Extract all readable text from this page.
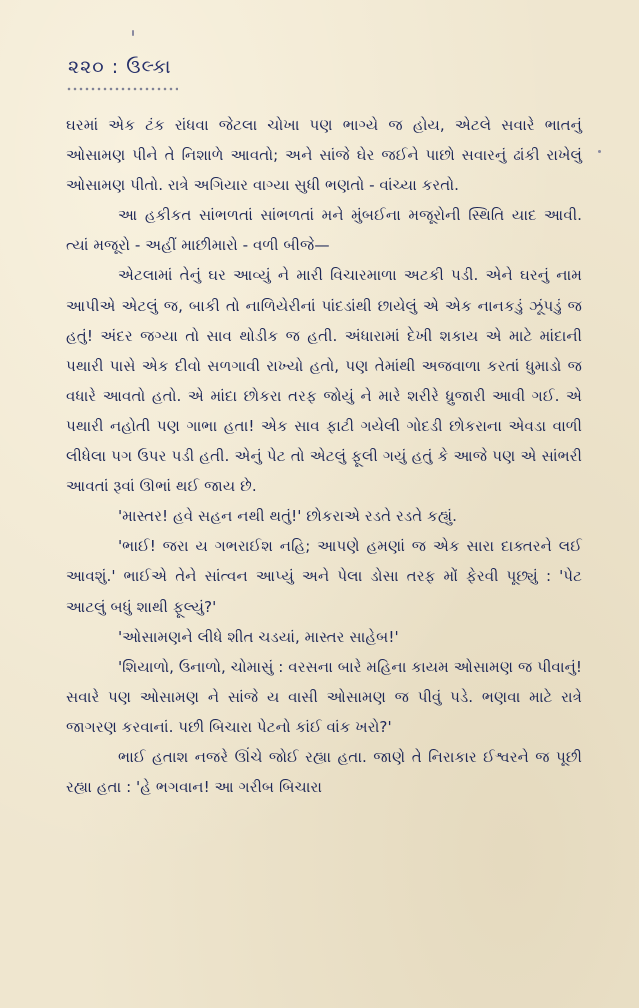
૨૨૦ : ઉલ્કા

ઘરમાં એક ટંક રાંધવા જેટલા ચોખા પણ ભાગ્યે જ હોય, એટલે સવારે ભાતનું ઓસામણ પીને તે નિશાળે આવતો; અને સાંજે ઘેર જઈને પાછો સવારનું ઢાંકી રાખેલું ઓસામણ પીતો. રાત્રે અગિયાર વાગ્યા સુધી ભણતો - વાંચ્યા કરતો.

આ હકીકત સાંભળતાં સાંભળતાં મને મુંબઈના મજૂરોની સ્થિતિ યાદ આવી. ત્યાં મજૂરો - અહીં માછીમારો - વળી બીજે—

એટલામાં તેનું ઘર આવ્યું ને મારી વિચારમાળા અટકી પડી. એને ઘરનું નામ આપીએ એટલું જ, બાકી તો નાળિયેરીનાં પાંદડાંથી છાયેલું એ એક નાનકડું ઝૂંપડું જ હતું! અંદર જગ્યા તો સાવ થોડીક જ હતી. અંધારામાં દેખી શકાય એ માટે માંદાની પથારી પાસે એક દીવો સળગાવી રાખ્યો હતો, પણ તેમાંથી અજવાળા કરતાં ધુમાડો જ વધારે આવતો હતો. એ માંદા છોકરા તરફ જોયું ને મારે શરીરે ધ્રુજારી આવી ગઈ. એ પથારી નહોતી પણ ગાભા હતા! એક સાવ ફાટી ગયેલી ગોદડી છોકરાના એવડા વાળી લીધેલા પગ ઉપર પડી હતી. એનું પેટ તો એટલું ફૂલી ગયું હતું કે આજે પણ એ સાંભરી આવતાં રૂવાં ઊભાં થઈ જાય છે.

'માસ્તર! હવે સહન નથી થતું!' છોકરાએ રડતે રડતે કહ્યું.

'ભાઈ! જરા ય ગભરાઈશ નહિ; આપણે હમણાં જ એક સારા દાક્તરને લઈ આવશું.' ભાઈએ તેને સાંત્વન આપ્યું અને પેલા ડોસા તરફ મોં ફેરવી પૂછ્યું : 'પેટ આટલું બધું શાથી ફૂલ્યું?'

'ઓસામણને લીધે શીત ચડયાં, માસ્તર સાહેબ!'

'શિયાળો, ઉનાળો, ચોમાસું : વરસના બારે મહિના કાયમ ઓસામણ જ પીવાનું! સવારે પણ ઓસામણ ને સાંજે ય વાસી ઓસામણ જ પીવું પડે. ભણવા માટે રાત્રે જાગરણ કરવાનાં. પછી બિચારા પેટનો કાંઈ વાંક ખરો?'

ભાઈ હતાશ નજરે ઊંચે જોઈ રહ્યા હતા. જાણે તે નિરાકાર ઈશ્વરને જ પૂછી રહ્યા હતા : 'હે ભગવાન! આ ગરીબ બિચારા
